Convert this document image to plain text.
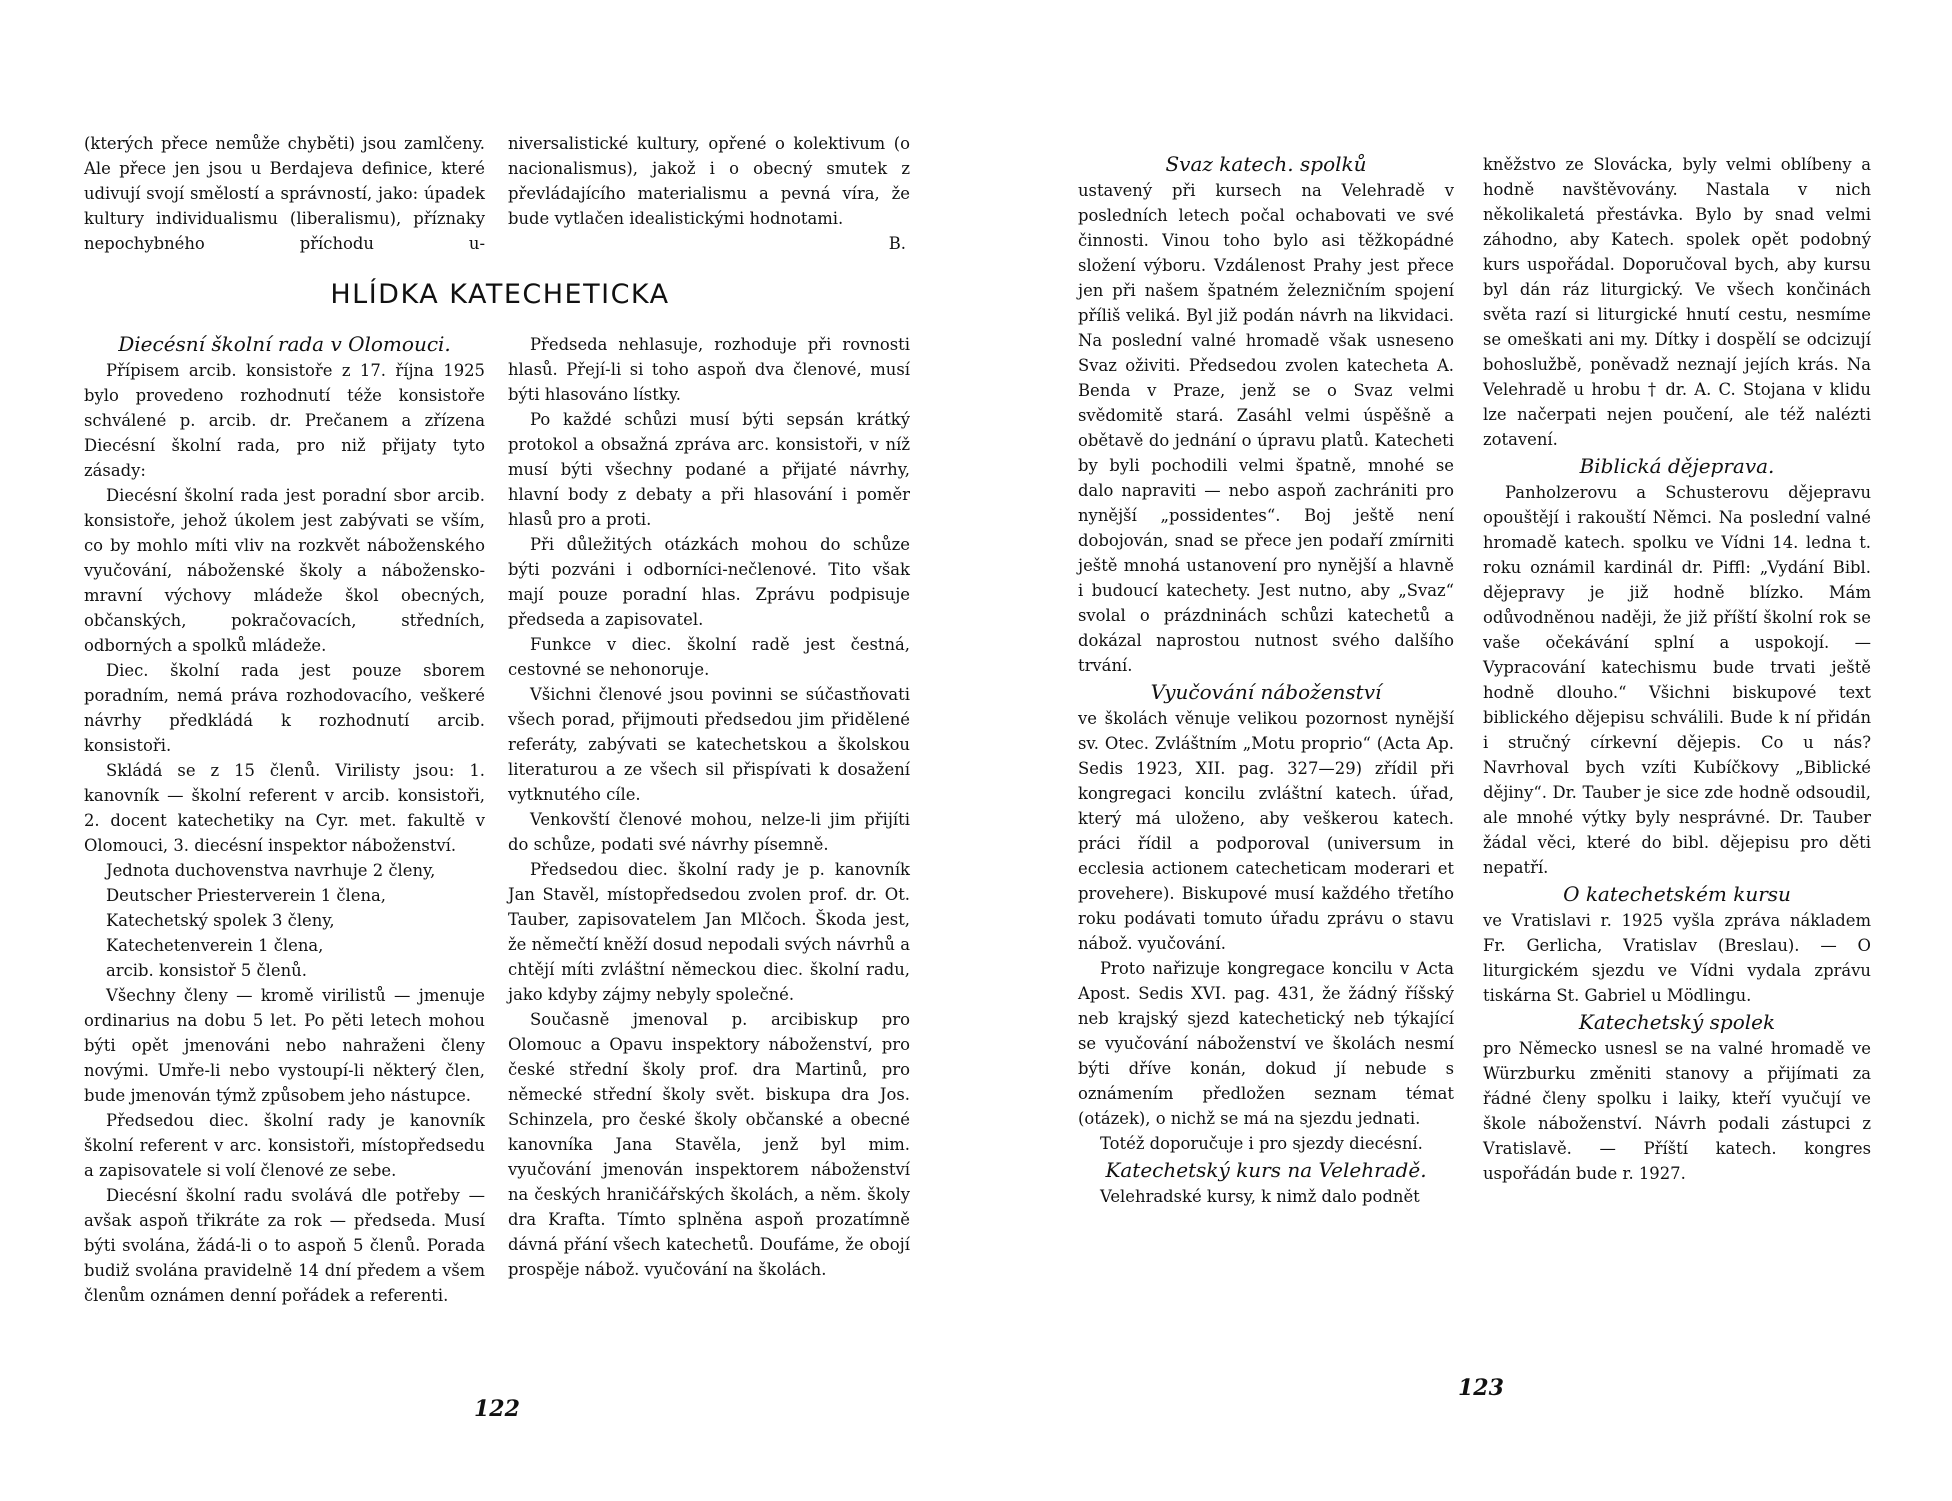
(kterých přece nemůže chyběti) jsou zamlčeny. Ale přece jen jsou u Berdajeva definice, které udivují svojí smělostí a správností, jako: úpadek kultury individualismu (liberalismu), příznaky nepochybného příchodu u-

niversalistické kultury, opřené o kolektivum (o nacionalismus), jakož i o obecný smutek z převládajícího materialismu a pevná víra, že bude vytlačen idealistickými hodnotami.

B.

HLÍDKA KATECHETICKA

Diecésní školní rada v Olomouci.

Přípisem arcib. konsistoře z 17. října 1925 bylo provedeno rozhodnutí téže konsistoře schválené p. arcib. dr. Prečanem a zřízena Diecésní školní rada, pro niž přijaty tyto zásady:

Diecésní školní rada jest poradní sbor arcib. konsistoře, jehož úkolem jest zabývati se vším, co by mohlo míti vliv na rozkvět náboženského vyučování, náboženské školy a nábožensko-mravní výchovy mládeže škol obecných, občanských, pokračovacích, středních, odborných a spolků mládeže.

Diec. školní rada jest pouze sborem poradním, nemá práva rozhodovacího, veškeré návrhy předkládá k rozhodnutí arcib. konsistoři.

Skládá se z 15 členů. Virilisty jsou: 1. kanovník — školní referent v arcib. konsistoři, 2. docent katechetiky na Cyr. met. fakultě v Olomouci, 3. diecésní inspektor náboženství.

Jednota duchovenstva navrhuje 2 členy,

Deutscher Priesterverein 1 člena,

Katechetský spolek 3 členy,

Katechetenverein 1 člena,

arcib. konsistoř 5 členů.

Všechny členy — kromě virilistů — jmenuje ordinarius na dobu 5 let. Po pěti letech mohou býti opět jmenováni nebo nahraženi členy novými. Umře-li nebo vystoupí-li některý člen, bude jmenován týmž způsobem jeho nástupce.

Předsedou diec. školní rady je kanovník školní referent v arc. konsistoři, místopředsedu a zapisovatele si volí členové ze sebe.

Diecésní školní radu svolává dle potřeby — avšak aspoň třikráte za rok — předseda. Musí býti svolána, žádá-li o to aspoň 5 členů. Porada budiž svolána pravidelně 14 dní předem a všem členům oznámen denní pořádek a referenti.

Předseda nehlasuje, rozhoduje při rovnosti hlasů. Přejí-li si toho aspoň dva členové, musí býti hlasováno lístky.

Po každé schůzi musí býti sepsán krátký protokol a obsažná zpráva arc. konsistoři, v níž musí býti všechny podané a přijaté návrhy, hlavní body z debaty a při hlasování i poměr hlasů pro a proti.

Při důležitých otázkách mohou do schůze býti pozváni i odborníci-nečlenové. Tito však mají pouze poradní hlas. Zprávu podpisuje předseda a zapisovatel.

Funkce v diec. školní radě jest čestná, cestovné se nehonoruje.

Všichni členové jsou povinni se súčastňovati všech porad, přijmouti předsedou jim přidělené referáty, zabývati se katechetskou a školskou literaturou a ze všech sil přispívati k dosažení vytknutého cíle.

Venkovští členové mohou, nelze-li jim přijíti do schůze, podati své návrhy písemně.

Předsedou diec. školní rady je p. kanovník Jan Stavěl, místopředsedou zvolen prof. dr. Ot. Tauber, zapisovatelem Jan Mlčoch. Škoda jest, že němečtí kněží dosud nepodali svých návrhů a chtějí míti zvláštní německou diec. školní radu, jako kdyby zájmy nebyly společné.

Současně jmenoval p. arcibiskup pro Olomouc a Opavu inspektory náboženství, pro české střední školy prof. dra Martinů, pro německé střední školy svět. biskupa dra Jos. Schinzela, pro české školy občanské a obecné kanovníka Jana Stavěla, jenž byl mim. vyučování jmenován inspektorem náboženství na českých hraničářských školách, a něm. školy dra Krafta. Tímto splněna aspoň prozatímně dávná přání všech katechetů. Doufáme, že obojí prospěje nábož. vyučování na školách.

122

Svaz katech. spolků

ustavený při kursech na Velehradě v posledních letech počal ochabovati ve své činnosti. Vinou toho bylo asi těžkopádné složení výboru. Vzdálenost Prahy jest přece jen při našem špatném železničním spojení příliš veliká. Byl již podán návrh na likvidaci. Na poslední valné hromadě však usneseno Svaz oživiti. Předsedou zvolen katecheta A. Benda v Praze, jenž se o Svaz velmi svědomitě stará. Zasáhl velmi úspěšně a obětavě do jednání o úpravu platů. Katecheti by byli pochodili velmi špatně, mnohé se dalo napraviti — nebo aspoň zachrániti pro nynější „possidentes“. Boj ještě není dobojován, snad se přece jen podaří zmírniti ještě mnohá ustanovení pro nynější a hlavně i budoucí katechety. Jest nutno, aby „Svaz“ svolal o prázdninách schůzi katechetů a dokázal naprostou nutnost svého dalšího trvání.

Vyučování náboženství

ve školách věnuje velikou pozornost nynější sv. Otec. Zvláštním „Motu proprio“ (Acta Ap. Sedis 1923, XII. pag. 327—29) zřídil při kongregaci koncilu zvláštní katech. úřad, který má uloženo, aby veškerou katech. práci řídil a podporoval (universum in ecclesia actionem catecheticam moderari et provehere). Biskupové musí každého třetího roku podávati tomuto úřadu zprávu o stavu nábož. vyučování.

Proto nařizuje kongregace koncilu v Acta Apost. Sedis XVI. pag. 431, že žádný říšský neb krajský sjezd katechetický neb týkající se vyučování náboženství ve školách nesmí býti dříve konán, dokud jí nebude s oznámením předložen seznam témat (otázek), o nichž se má na sjezdu jednati.

Totéž doporučuje i pro sjezdy diecésní.

Katechetský kurs na Velehradě.

Velehradské kursy, k nimž dalo podnět

kněžstvo ze Slovácka, byly velmi oblíbeny a hodně navštěvovány. Nastala v nich několikaletá přestávka. Bylo by snad velmi záhodno, aby Katech. spolek opět podobný kurs uspořádal. Doporučoval bych, aby kursu byl dán ráz liturgický. Ve všech končinách světa razí si liturgické hnutí cestu, nesmíme se omeškati ani my. Dítky i dospělí se odcizují bohoslužbě, poněvadž neznají jejích krás. Na Velehradě u hrobu † dr. A. C. Stojana v klidu lze načerpati nejen poučení, ale též nalézti zotavení.

Biblická dějeprava.

Panholzerovu a Schusterovu dějepravu opouštějí i rakouští Němci. Na poslední valné hromadě katech. spolku ve Vídni 14. ledna t. roku oznámil kardinál dr. Piffl: „Vydání Bibl. dějepravy je již hodně blízko. Mám odůvodněnou naději, že již příští školní rok se vaše očekávání splní a uspokojí. — Vypracování katechismu bude trvati ještě hodně dlouho.“ Všichni biskupové text biblického dějepisu schválili. Bude k ní přidán i stručný církevní dějepis. Co u nás? Navrhoval bych vzíti Kubíčkovy „Biblické dějiny“. Dr. Tauber je sice zde hodně odsoudil, ale mnohé výtky byly nesprávné. Dr. Tauber žádal věci, které do bibl. dějepisu pro děti nepatří.

O katechetském kursu

ve Vratislavi r. 1925 vyšla zpráva nákladem Fr. Gerlicha, Vratislav (Breslau). — O liturgickém sjezdu ve Vídni vydala zprávu tiskárna St. Gabriel u Mödlingu.

Katechetský spolek

pro Německo usnesl se na valné hromadě ve Würzburku změniti stanovy a přijímati za řádné členy spolku i laiky, kteří vyučují ve škole náboženství. Návrh podali zástupci z Vratislavě. — Příští katech. kongres uspořádán bude r. 1927.

123
